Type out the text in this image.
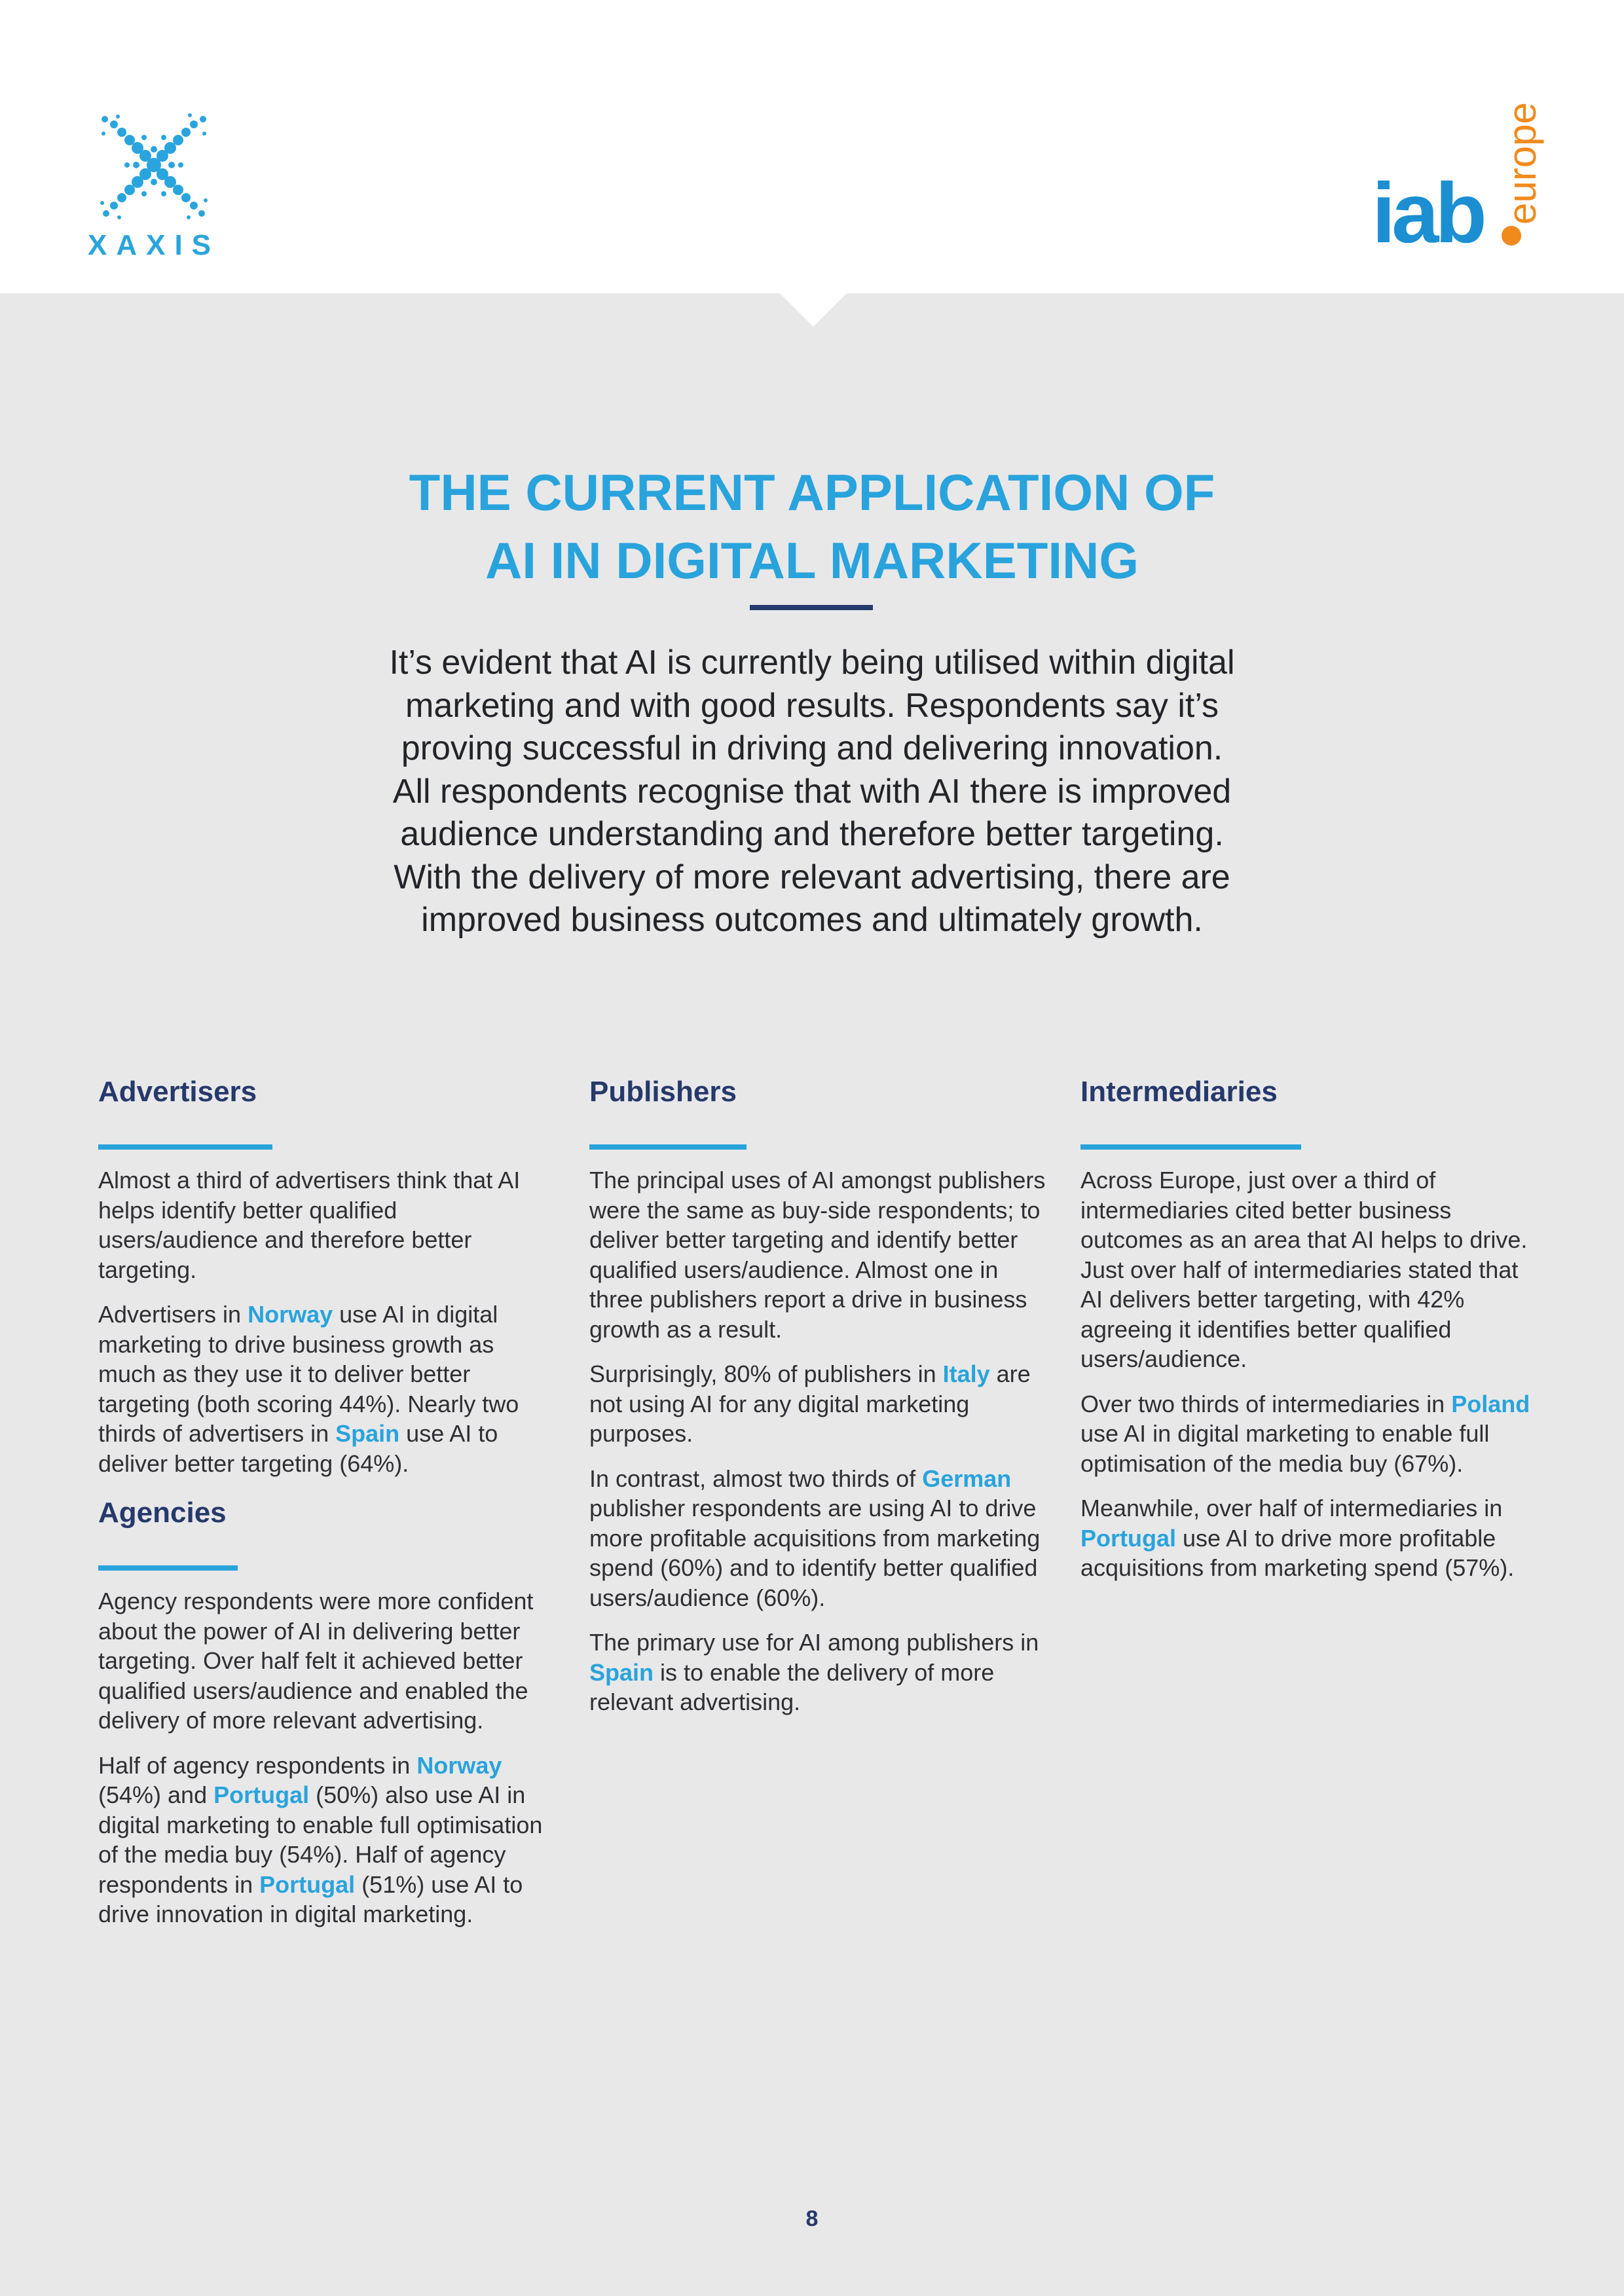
XAXIS	iab europe
THE CURRENT APPLICATION OF
AI IN DIGITAL MARKETING

It’s evident that AI is currently being utilised within digital
marketing and with good results. Respondents say it’s
proving successful in driving and delivering innovation.
All respondents recognise that with AI there is improved
audience understanding and therefore better targeting.
With the delivery of more relevant advertising, there are
improved business outcomes and ultimately growth.

Advertisers

Almost a third of advertisers think that AI helps identify better qualified users/audience and therefore better targeting.

Advertisers in Norway use AI in digital marketing to drive business growth as much as they use it to deliver better targeting (both scoring 44%). Nearly two thirds of advertisers in Spain use AI to deliver better targeting (64%).

Agencies

Agency respondents were more confident about the power of AI in delivering better targeting. Over half felt it achieved better qualified users/audience and enabled the delivery of more relevant advertising.

Half of agency respondents in Norway (54%) and Portugal (50%) also use AI in digital marketing to enable full optimisation of the media buy (54%). Half of agency respondents in Portugal (51%) use AI to drive innovation in digital marketing.

Publishers

The principal uses of AI amongst publishers were the same as buy-side respondents; to deliver better targeting and identify better qualified users/audience. Almost one in three publishers report a drive in business growth as a result.

Surprisingly, 80% of publishers in Italy are not using AI for any digital marketing purposes.

In contrast, almost two thirds of German publisher respondents are using AI to drive more profitable acquisitions from marketing spend (60%) and to identify better qualified users/audience (60%).

The primary use for AI among publishers in Spain is to enable the delivery of more relevant advertising.

Intermediaries

Across Europe, just over a third of intermediaries cited better business outcomes as an area that AI helps to drive. Just over half of intermediaries stated that AI delivers better targeting, with 42% agreeing it identifies better qualified users/audience.

Over two thirds of intermediaries in Poland use AI in digital marketing to enable full optimisation of the media buy (67%).

Meanwhile, over half of intermediaries in Portugal use AI to drive more profitable acquisitions from marketing spend (57%).

8
